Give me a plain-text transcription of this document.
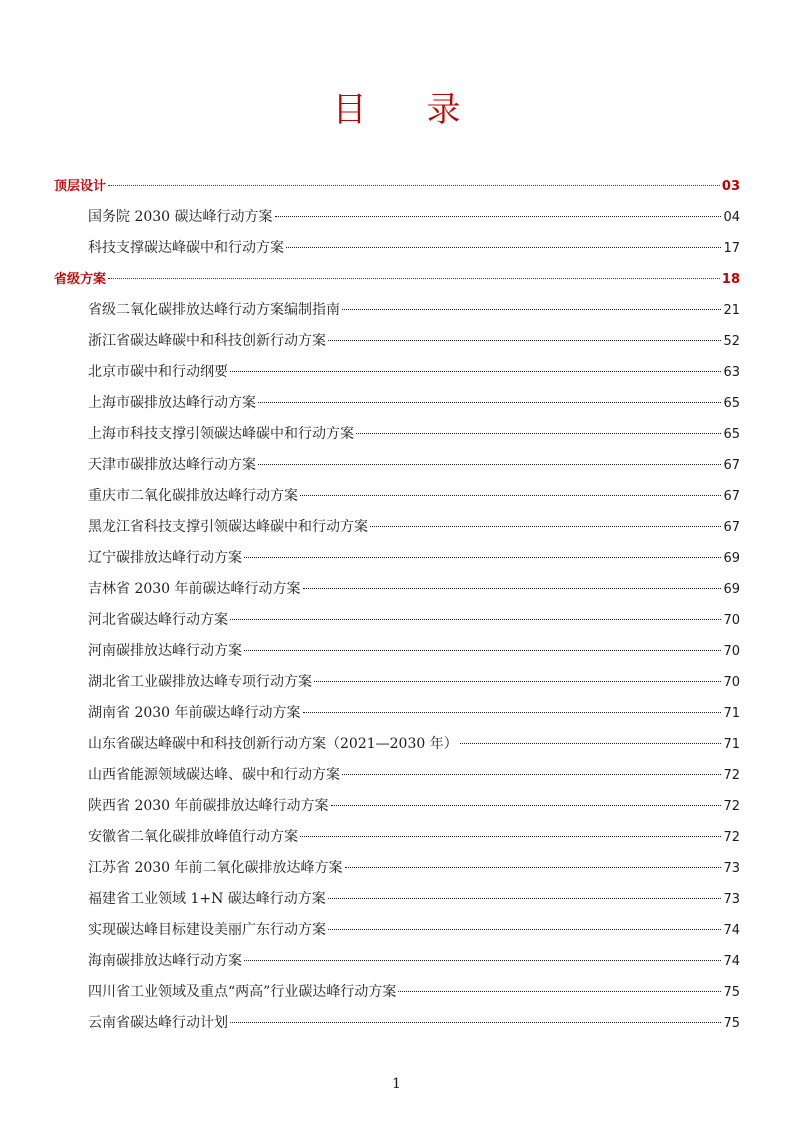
目录
顶层设计	03
国务院 2030 碳达峰行动方案	04
科技支撑碳达峰碳中和行动方案	17
省级方案	18
省级二氧化碳排放达峰行动方案编制指南	21
浙江省碳达峰碳中和科技创新行动方案	52
北京市碳中和行动纲要	63
上海市碳排放达峰行动方案	65
上海市科技支撑引领碳达峰碳中和行动方案	65
天津市碳排放达峰行动方案	67
重庆市二氧化碳排放达峰行动方案	67
黑龙江省科技支撑引领碳达峰碳中和行动方案	67
辽宁碳排放达峰行动方案	69
吉林省 2030 年前碳达峰行动方案	69
河北省碳达峰行动方案	70
河南碳排放达峰行动方案	70
湖北省工业碳排放达峰专项行动方案	70
湖南省 2030 年前碳达峰行动方案	71
山东省碳达峰碳中和科技创新行动方案（2021—2030 年）	71
山西省能源领域碳达峰、碳中和行动方案	72
陕西省 2030 年前碳排放达峰行动方案	72
安徽省二氧化碳排放峰值行动方案	72
江苏省 2030 年前二氧化碳排放达峰方案	73
福建省工业领域 1+N 碳达峰行动方案	73
实现碳达峰目标建设美丽广东行动方案	74
海南碳排放达峰行动方案	74
四川省工业领域及重点“两高”行业碳达峰行动方案	75
云南省碳达峰行动计划	75
1
